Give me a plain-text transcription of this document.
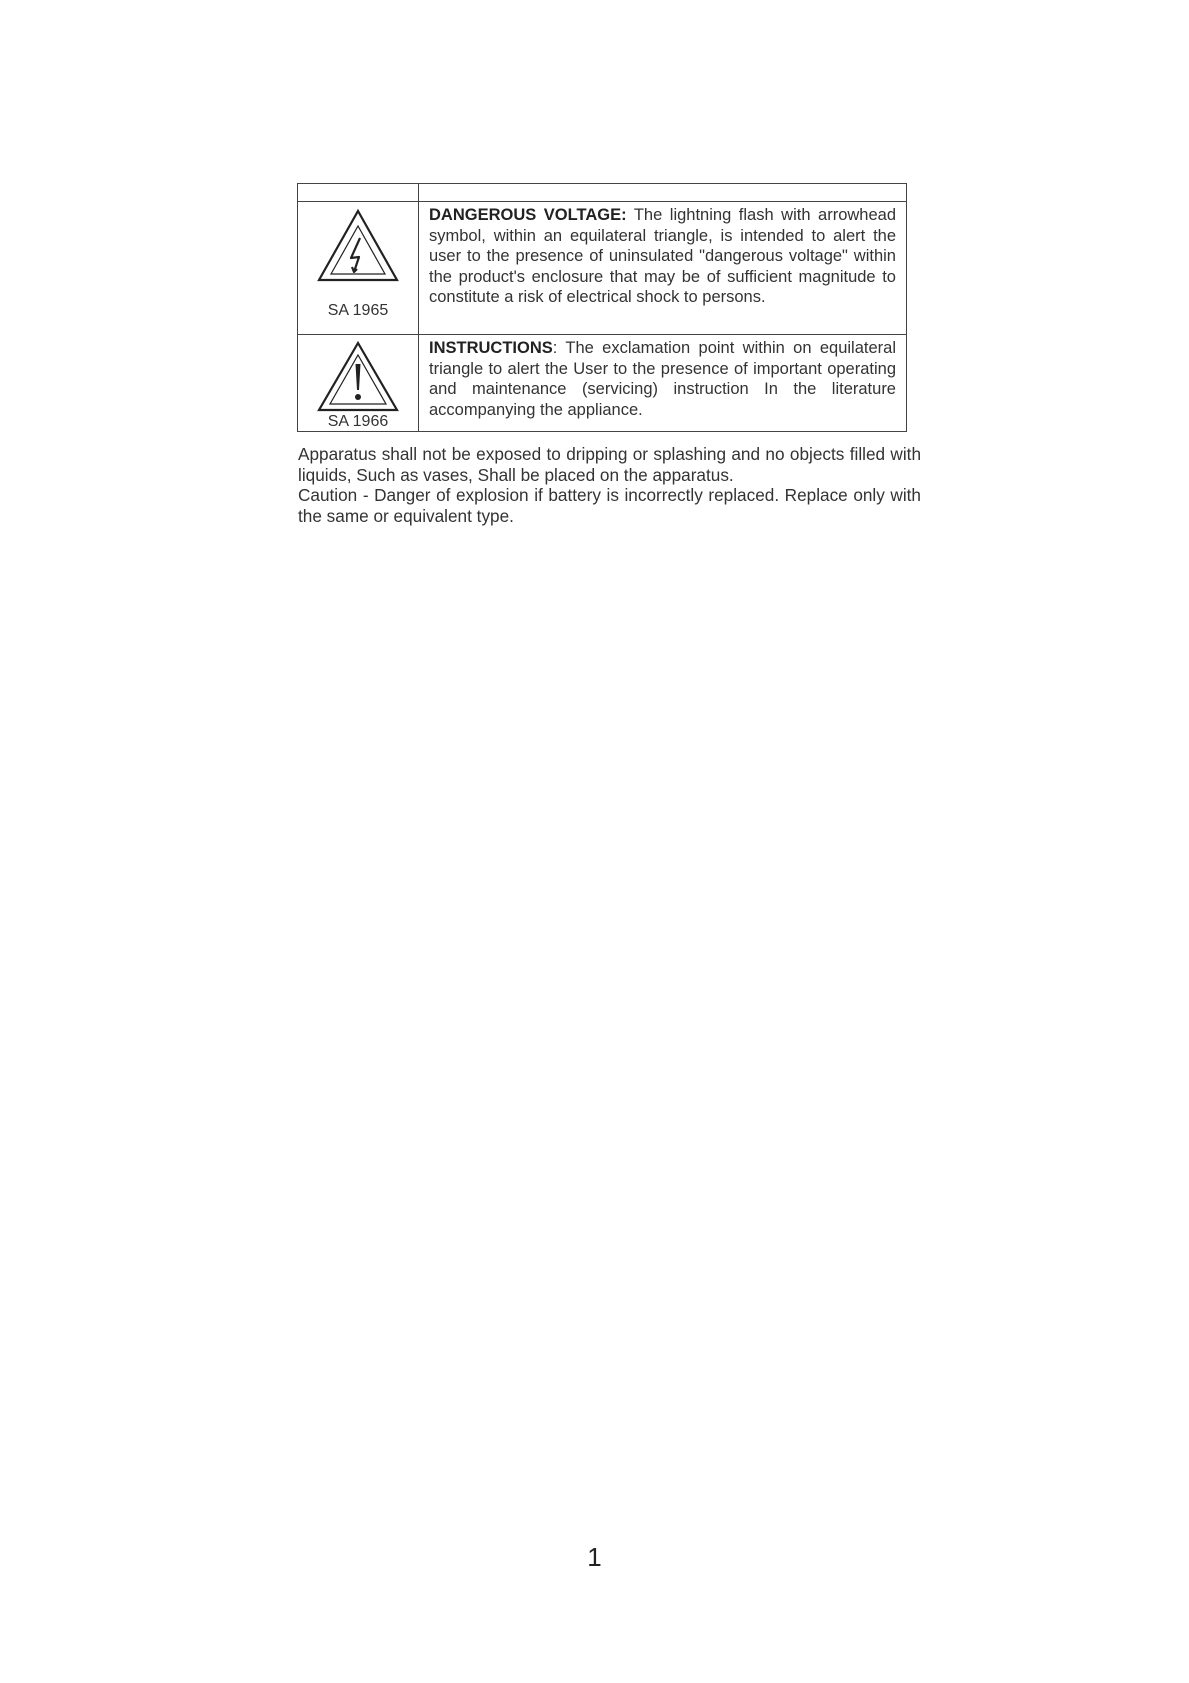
SA 1965	DANGEROUS VOLTAGE: The lightning flash with arrowhead symbol, within an equilateral triangle, is intended to alert the user to the presence of uninsulated "dangerous voltage" within the product's enclosure that may be of sufficient magnitude to constitute a risk of electrical shock to persons.

SA 1966	INSTRUCTIONS: The exclamation point within on equilateral triangle to alert the User to the presence of important operating and maintenance (servicing) instruction In the literature accompanying the appliance.

Apparatus shall not be exposed to dripping or splashing and no objects filled with liquids, Such as vases, Shall be placed on the apparatus.

Caution - Danger of explosion if battery is incorrectly replaced. Replace only with the same or equivalent type.

1
